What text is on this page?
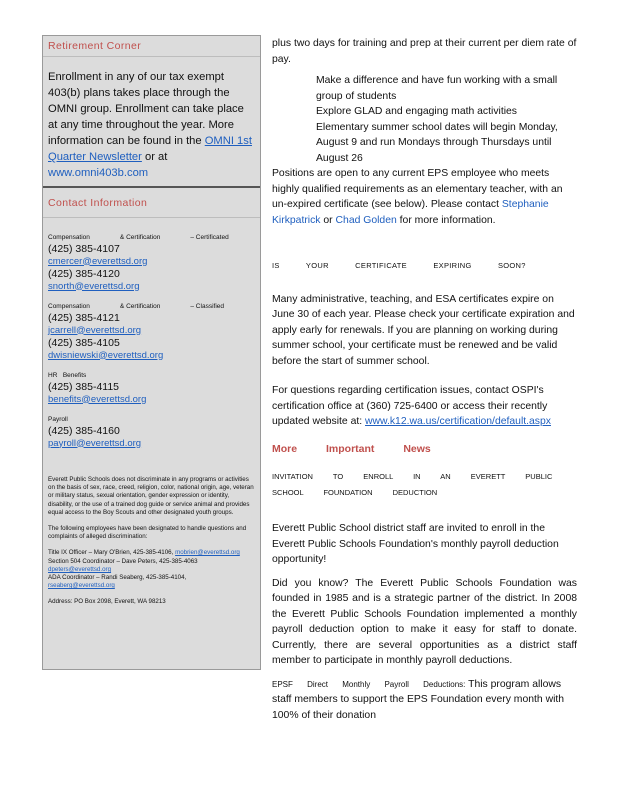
Retirement Corner
Enrollment in any of our tax exempt 403(b) plans takes place through the OMNI group. Enrollment can take place at any time throughout the year. More information can be found in the OMNI 1st Quarter Newsletter or at www.omni403b.com
Contact Information
Compensation	& Certification	– Certificated
(425) 385-4107
cmercer@everettsd.org
(425) 385-4120
snorth@everettsd.org
Compensation	& Certification	– Classified
(425) 385-4121
jcarrell@everettsd.org
(425) 385-4105
dwisniewski@everettsd.org
HR Benefits
(425) 385-4115
benefits@everettsd.org
Payroll
(425) 385-4160
payroll@everettsd.org

Everett Public Schools does not discriminate in any programs or activities on the basis of sex, race, creed, religion, color, national origin, age, veteran or military status, sexual orientation, gender expression or identity, disability, or the use of a trained dog guide or service animal and provides equal access to the Boy Scouts and other designated youth groups.

The following employees have been designated to handle questions and complaints of alleged discrimination:

Title IX Officer – Mary O'Brien, 425-385-4106, mobrien@everettsd.org

Section 504 Coordinator – Dave Peters, 425-385-4063 dpeters@everettsd.org

ADA Coordinator – Randi Seaberg, 425-385-4104, rseaberg@everettsd.org

Address: PO Box 2098, Everett, WA 98213

plus two days for training and prep at their current per diem rate of pay.

Make a difference and have fun working with a small group of students
Explore GLAD and engaging math activities
Elementary summer school dates will begin Monday, August 9 and run Mondays through Thursdays until August 26

Positions are open to any current EPS employee who meets highly qualified requirements as an elementary teacher, with an un-expired certificate (see below). Please contact Stephanie Kirkpatrick or Chad Golden for more information.

IS YOUR CERTIFICATE EXPIRING SOON?

Many administrative, teaching, and ESA certificates expire on June 30 of each year. Please check your certificate expiration and apply early for renewals. If you are planning on working during summer school, your certificate must be renewed and be valid before the start of summer school.

For questions regarding certification issues, contact OSPI's certification office at (360) 725-6400 or access their recently updated website at: www.k12.wa.us/certification/default.aspx

More Important News

INVITATION TO ENROLL IN AN EVERETT PUBLIC SCHOOL FOUNDATION DEDUCTION

Everett Public School district staff are invited to enroll in the Everett Public Schools Foundation's monthly payroll deduction opportunity!

Did you know? The Everett Public Schools Foundation was founded in 1985 and is a strategic partner of the district. In 2008 the Everett Public Schools Foundation implemented a monthly payroll deduction option to make it easy for staff to donate. Currently, there are several opportunities as a district staff member to participate in monthly payroll deductions.

EPSF Direct Monthly Payroll Deductions: This program allows staff members to support the EPS Foundation every month with 100% of their donation
